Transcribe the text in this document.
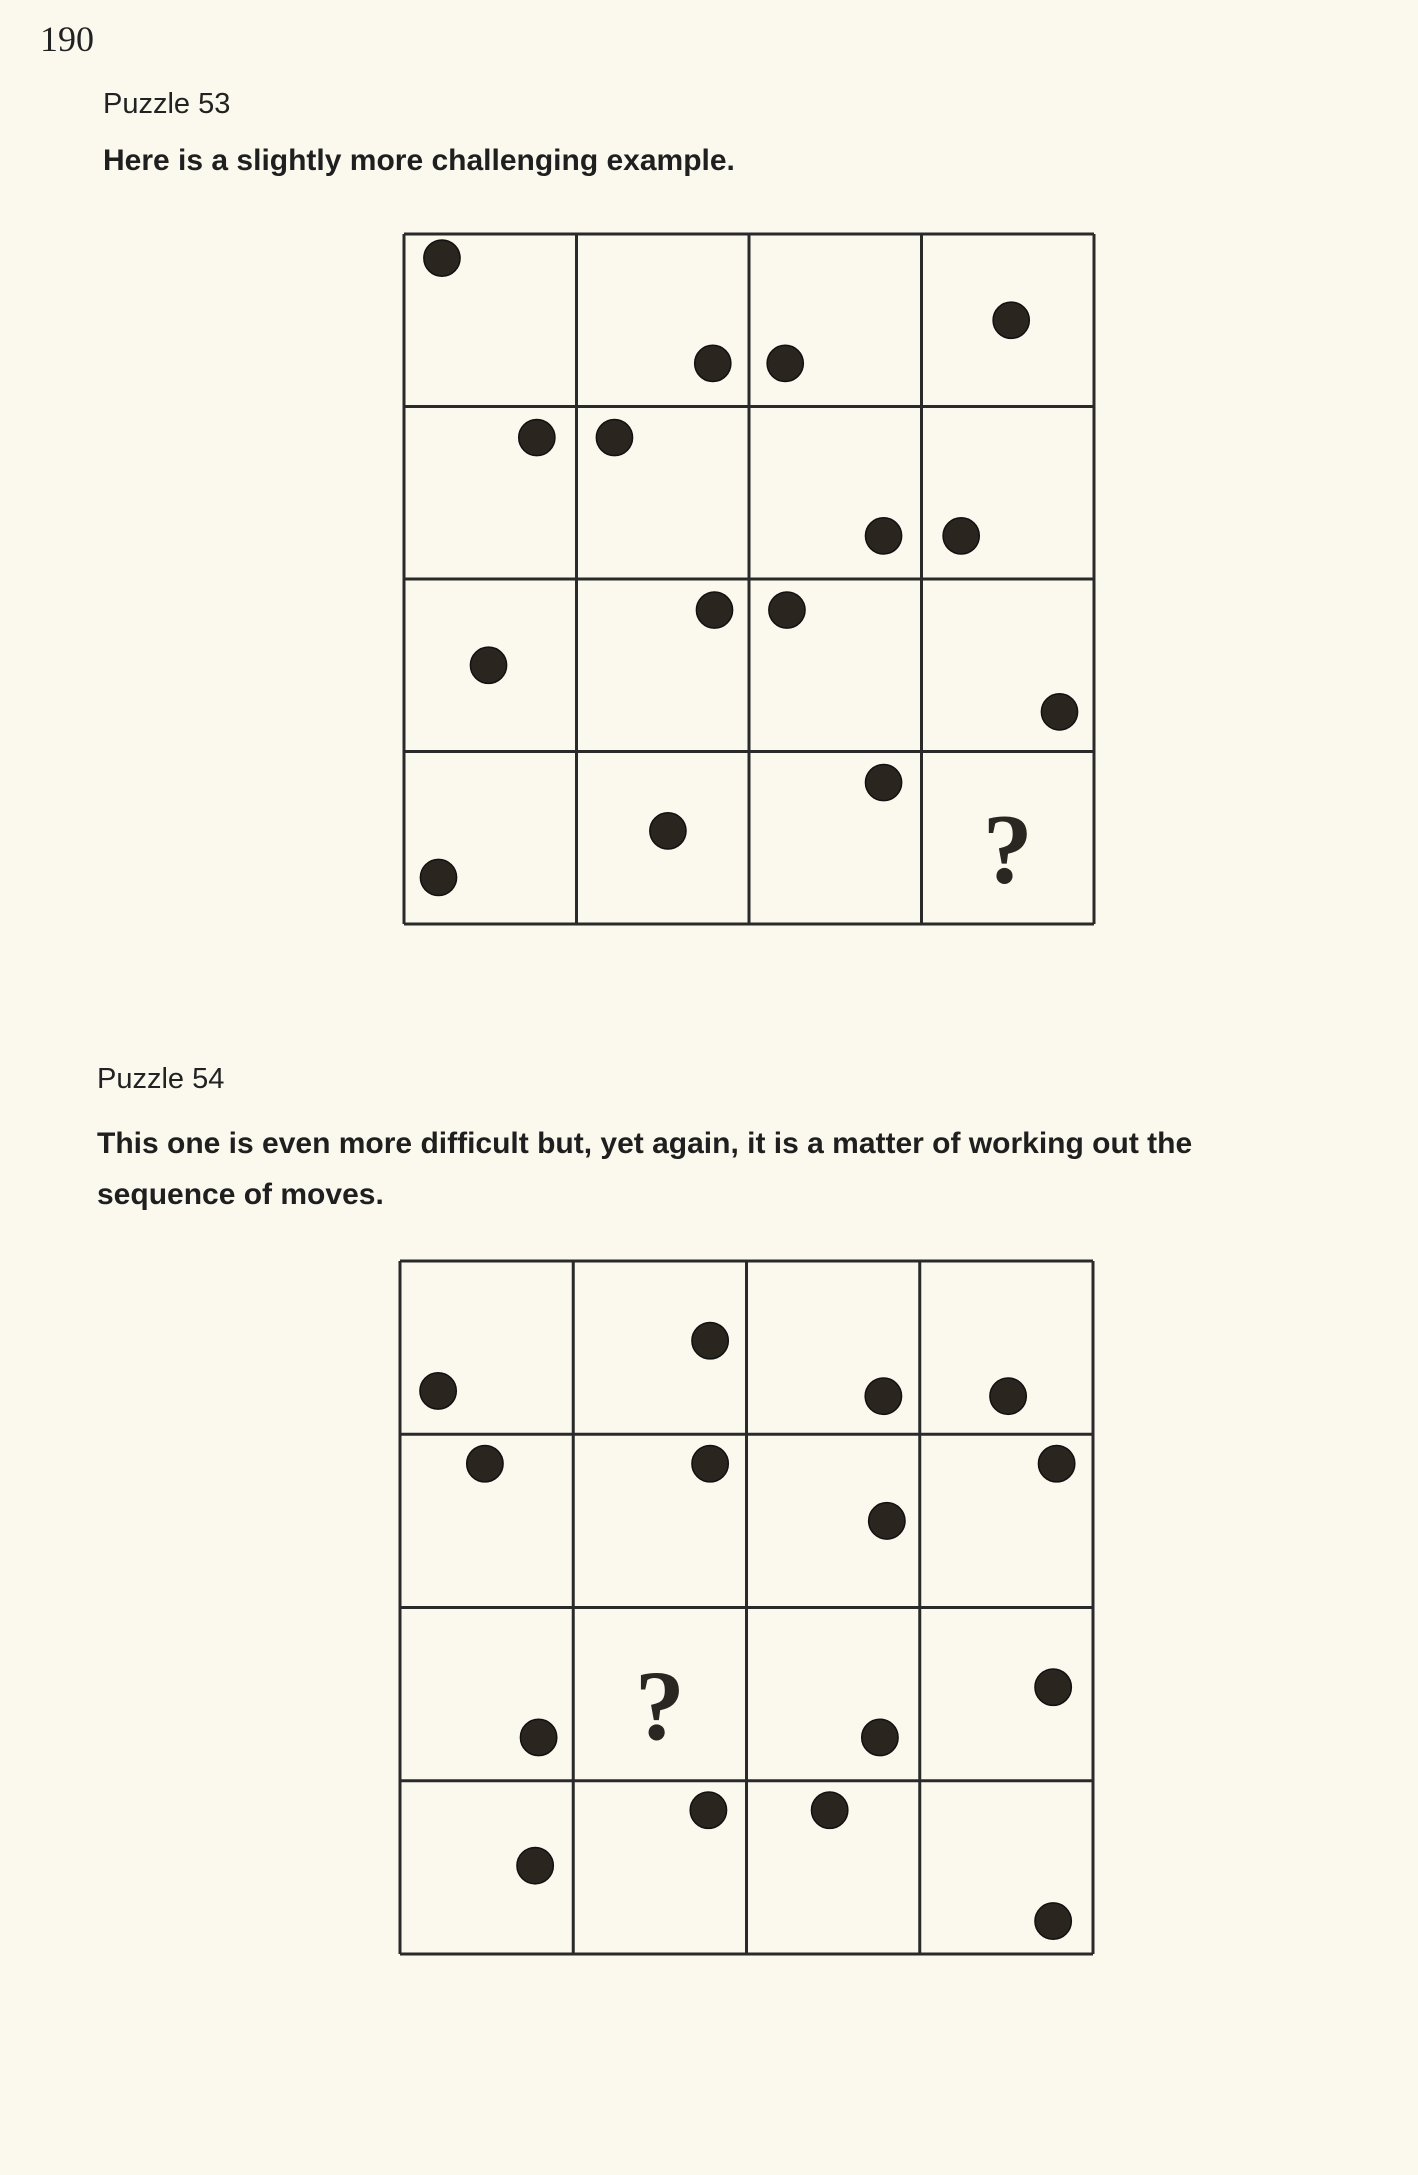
190
Puzzle 53
Here is a slightly more challenging example.
?
Puzzle 54
This one is even more difficult but, yet again, it is a matter of working out the
sequence of moves.
?
